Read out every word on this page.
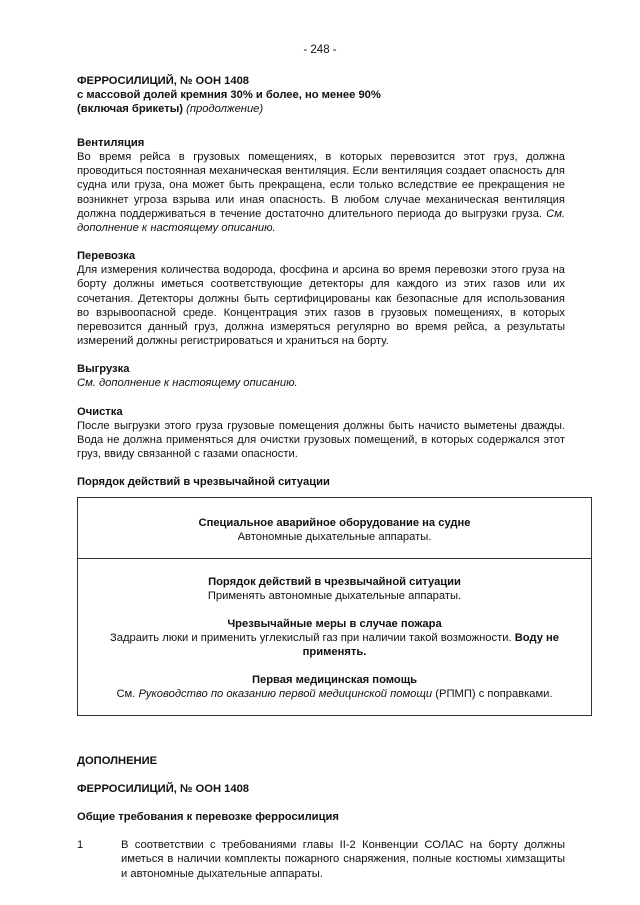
- 248 -
ФЕРРОСИЛИЦИЙ, № ООН 1408
с массовой долей кремния 30% и более, но менее 90%
(включая брикеты) (продолжение)
Вентиляция
Во время рейса в грузовых помещениях, в которых перевозится этот груз, должна проводиться постоянная механическая вентиляция. Если вентиляция создает опасность для судна или груза, она может быть прекращена, если только вследствие ее прекращения не возникнет угроза взрыва или иная опасность. В любом случае механическая вентиляция должна поддерживаться в течение достаточно длительного периода до выгрузки груза. См. дополнение к настоящему описанию.
Перевозка
Для измерения количества водорода, фосфина и арсина во время перевозки этого груза на борту должны иметься соответствующие детекторы для каждого из этих газов или их сочетания. Детекторы должны быть сертифицированы как безопасные для использования во взрывоопасной среде. Концентрация этих газов в грузовых помещениях, в которых перевозится данный груз, должна измеряться регулярно во время рейса, а результаты измерений должны регистрироваться и храниться на борту.
Выгрузка
См. дополнение к настоящему описанию.
Очистка
После выгрузки этого груза грузовые помещения должны быть начисто выметены дважды. Вода не должна применяться для очистки грузовых помещений, в которых содержался этот груз, ввиду связанной с газами опасности.
Порядок действий в чрезвычайной ситуации
Специальное аварийное оборудование на судне

Автономные дыхательные аппараты.

Порядок действий в чрезвычайной ситуации

Применять автономные дыхательные аппараты.

Чрезвычайные меры в случае пожара

Задраить люки и применить углекислый газ при наличии такой возможности. Воду не применять.

Первая медицинская помощь

См. Руководство по оказанию первой медицинской помощи (РПМП) с поправками.

ДОПОЛНЕНИЕ
ФЕРРОСИЛИЦИЙ, № ООН 1408
Общие требования к перевозке ферросилиция
1	В соответствии с требованиями главы II-2 Конвенции СОЛАС на борту должны иметься в наличии комплекты пожарного снаряжения, полные костюмы химзащиты и автономные дыхательные аппараты.
